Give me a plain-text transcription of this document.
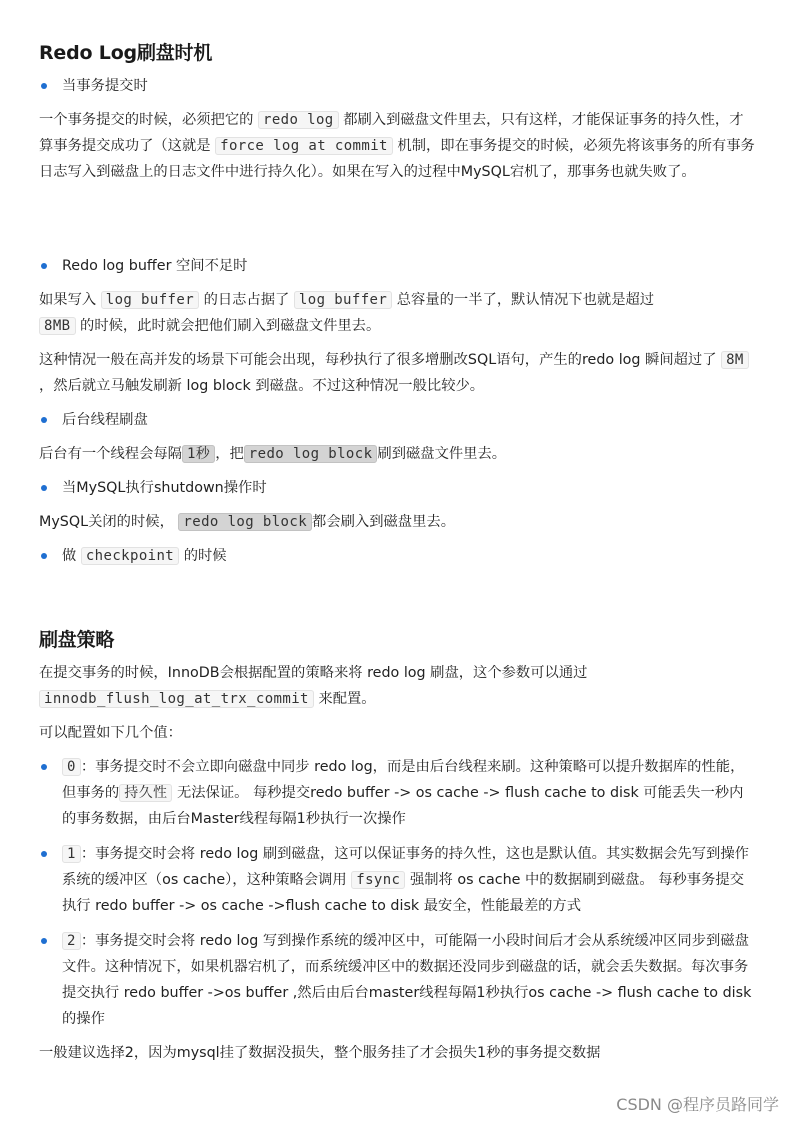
Redo Log刷盘时机
当事务提交时

一个事务提交的时候，必须把它的 redo log 都刷入到磁盘文件里去，只有这样，才能保证事务的持久性，才算事务提交成功了（这就是 force log at commit 机制，即在事务提交的时候，必须先将该事务的所有事务日志写入到磁盘上的日志文件中进行持久化）。如果在写入的过程中MySQL宕机了，那事务也就失败了。

Redo log buffer 空间不足时

如果写入 log buffer 的日志占据了 log buffer 总容量的一半了，默认情况下也就是超过
8MB 的时候，此时就会把他们刷入到磁盘文件里去。

这种情况一般在高并发的场景下可能会出现，每秒执行了很多增删改SQL语句，产生的redo log 瞬间超过了 8M ，然后就立马触发刷新 log block 到磁盘。不过这种情况一般比较少。

后台线程刷盘

后台有一个线程会每隔 1秒 ，把 redo log block 刷到磁盘文件里去。

当MySQL执行shutdown操作时

MySQL关闭的时候， redo log block 都会刷入到磁盘里去。

做 checkpoint 的时候
刷盘策略

在提交事务的时候，InnoDB会根据配置的策略来将 redo log 刷盘，这个参数可以通过
innodb_flush_log_at_trx_commit 来配置。

可以配置如下几个值：

0 ：事务提交时不会立即向磁盘中同步 redo log，而是由后台线程来刷。这种策略可以提升数据库的性能，但事务的 持久性 无法保证。 每秒提交redo buffer -> os cache -> flush cache to disk 可能丢失一秒内的事务数据，由后台Master线程每隔1秒执行一次操作
1 ：事务提交时会将 redo log 刷到磁盘，这可以保证事务的持久性，这也是默认值。其实数据会先写到操作系统的缓冲区（os cache），这种策略会调用 fsync 强制将 os cache 中的数据刷到磁盘。 每秒事务提交执行 redo buffer -> os cache ->flush cache to disk 最安全，性能最差的方式
2 ：事务提交时会将 redo log 写到操作系统的缓冲区中，可能隔一小段时间后才会从系统缓冲区同步到磁盘文件。这种情况下，如果机器宕机了，而系统缓冲区中的数据还没同步到磁盘的话，就会丢失数据。每次事务提交执行 redo buffer ->os buffer ,然后由后台master线程每隔1秒执行os cache -> flush cache to disk 的操作

一般建议选择2，因为mysql挂了数据没损失，整个服务挂了才会损失1秒的事务提交数据

CSDN @程序员路同学
